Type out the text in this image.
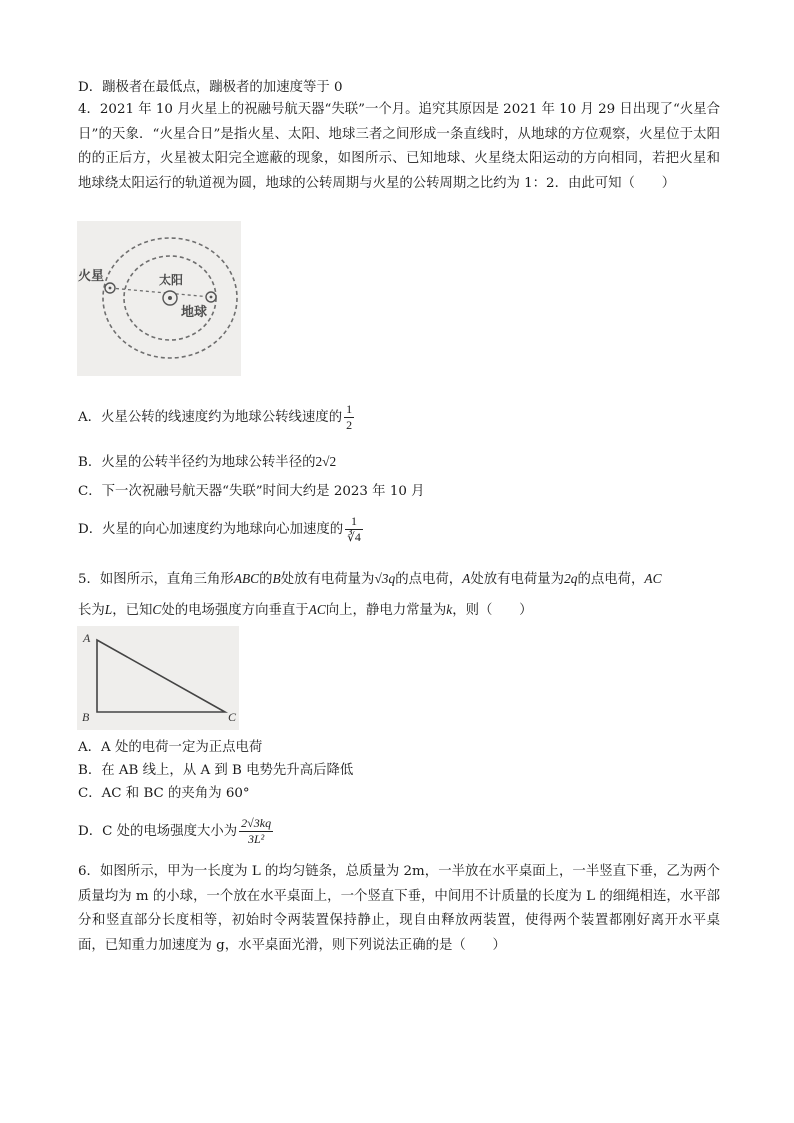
D．蹦极者在最低点，蹦极者的加速度等于 0
4．2021 年 10 月火星上的祝融号航天器“失联”一个月。追究其原因是 2021 年 10 月 29 日出现了“火星合日”的天象．“火星合日”是指火星、太阳、地球三者之间形成一条直线时，从地球的方位观察，火星位于太阳的的正后方，火星被太阳完全遮蔽的现象，如图所示、已知地球、火星绕太阳运动的方向相同，若把火星和地球绕太阳运行的轨道视为圆，地球的公转周期与火星的公转周期之比约为 1：2．由此可知（　　）
火星	太阳
地球
A．火星公转的线速度约为地球公转线速度的 $\frac{1}{2}$
B．火星的公转半径约为地球公转半径的2√2
C．下一次祝融号航天器“失联”时间大约是 2023 年 10 月
D．火星的向心加速度约为地球向心加速度的 $\frac{1}{∛4}$
5．如图所示，直角三角形ABC的B处放有电荷量为√3q的点电荷，A处放有电荷量为2q的点电荷，AC
长为L，已知C处的电场强度方向垂直于AC向上，静电力常量为k，则（　　）
A
B	C
A．A 处的电荷一定为正点电荷
B．在 AB 线上，从 A 到 B 电势先升高后降低
C．AC 和 BC 的夹角为 60°
D．C 处的电场强度大小为 $\frac{2√3kq}{\text{3L²}}$
6．如图所示，甲为一长度为 L 的均匀链条，总质量为 2m，一半放在水平桌面上，一半竖直下垂，乙为两个质量均为 m 的小球，一个放在水平桌面上，一个竖直下垂，中间用不计质量的长度为 L 的细绳相连，水平部分和竖直部分长度相等，初始时令两装置保持静止，现自由释放两装置，使得两个装置都刚好离开水平桌面，已知重力加速度为 g，水平桌面光滑，则下列说法正确的是（　　）
